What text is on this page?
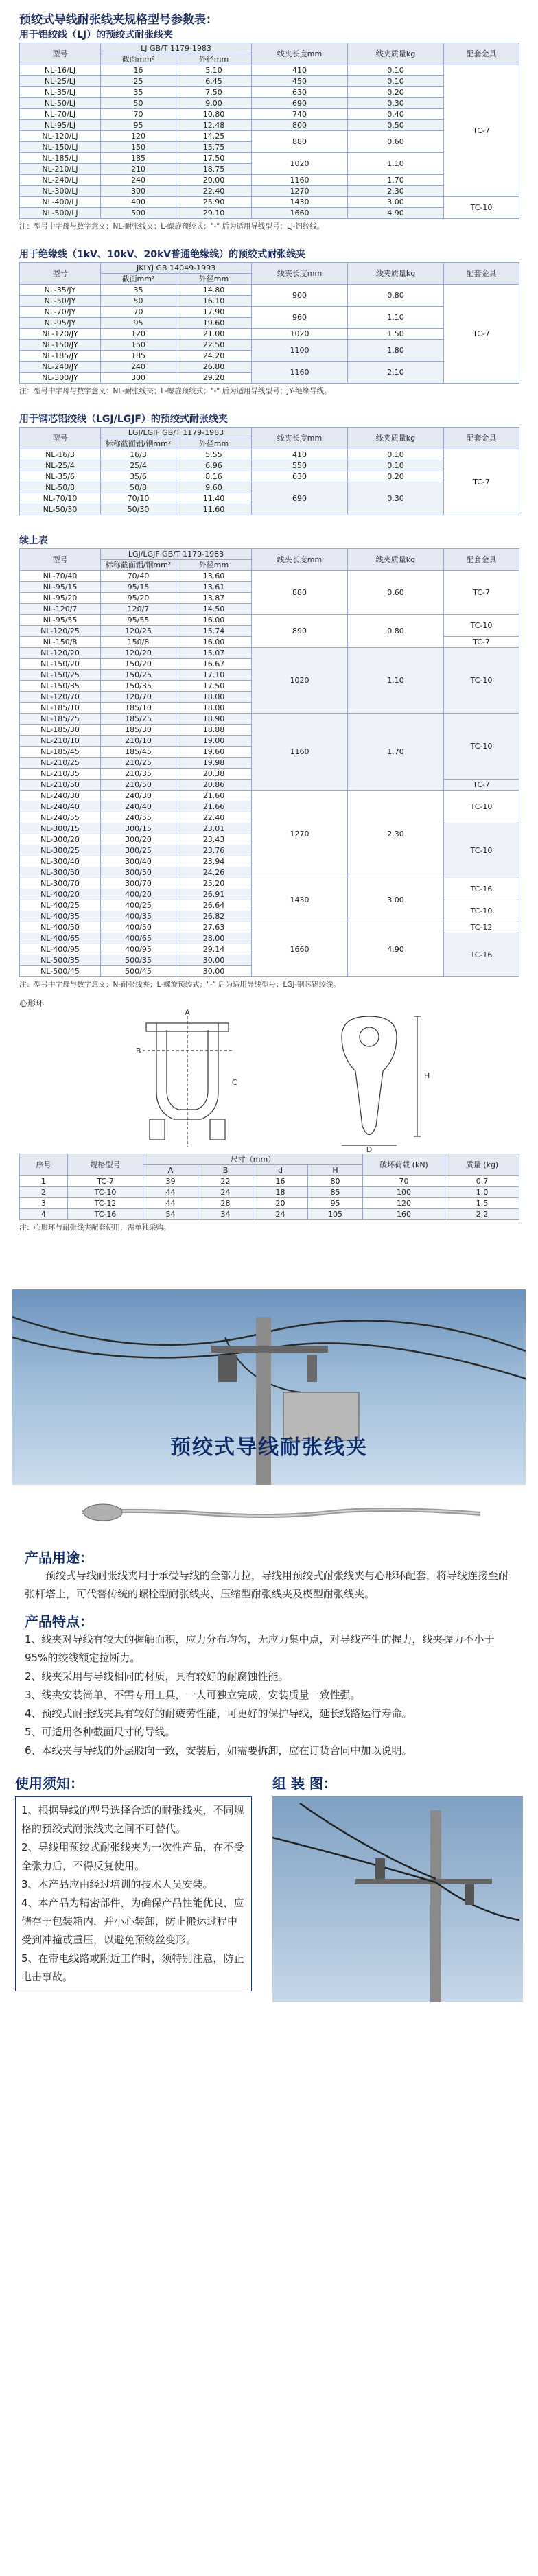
预绞式导线耐张线夹规格型号参数表：
用于铝绞线（LJ）的预绞式耐张线夹
型号	LJ GB/T 1179-1983		线夹长度mm	线夹质量kg	配套金具
	截面mm²	外径mm			
NL-16/LJ	16	5.10	410	0.10	TC-7
NL-25/LJ	25	6.45	450	0.10	
NL-35/LJ	35	7.50	630	0.20	
NL-50/LJ	50	9.00	690	0.30	
NL-70/LJ	70	10.80	740	0.40	
NL-95/LJ	95	12.48	800	0.50	
NL-120/LJ	120	14.25	880	0.60	
NL-150/LJ	150	15.75			
NL-185/LJ	185	17.50	1020	1.10	
NL-210/LJ	210	18.75			
NL-240/LJ	240	20.00	1160	1.70	
NL-300/LJ	300	22.40	1270	2.30	
NL-400/LJ	400	25.90	1430	3.00	TC-10
NL-500/LJ	500	29.10	1660	4.90	
注：型号中字母与数字意义：NL-耐张线夹；L-螺旋预绞式；"-" 后为适用导线型号；LJ-铝绞线。
用于绝缘线（1kV、10kV、20kV普通绝缘线）的预绞式耐张线夹
型号	JKLYJ GB 14049-1993		线夹长度mm	线夹质量kg	配套金具
	截面mm²	外径mm			
NL-35/JY	35	14.80	900	0.80	TC-7
NL-50/JY	50	16.10			
NL-70/JY	70	17.90	960	1.10	
NL-95/JY	95	19.60			
NL-120/JY	120	21.00	1020	1.50	
NL-150/JY	150	22.50	1100	1.80	
NL-185/JY	185	24.20			
NL-240/JY	240	26.80	1160	2.10	
NL-300/JY	300	29.20			
注：型号中字母与数字意义：NL-耐张线夹；L-螺旋预绞式；"-" 后为适用导线型号；JY-绝缘导线。
用于钢芯铝绞线（LGJ/LGJF）的预绞式耐张线夹
型号	LGJ/LGJF GB/T 1179-1983		线夹长度mm	线夹质量kg	配套金具
	标称截面铝/钢mm²	外径mm			
NL-16/3	16/3	5.55	410	0.10	TC-7
NL-25/4	25/4	6.96	550	0.10	
NL-35/6	35/6	8.16	630	0.20	
NL-50/8	50/8	9.60	690	0.30	
NL-70/10	70/10	11.40			
NL-50/30	50/30	11.60			
续上表
型号	LGJ/LGJF GB/T 1179-1983		线夹长度mm	线夹质量kg	配套金具
	标称截面铝/钢mm²	外径mm			
NL-70/40	70/40	13.60	880	0.60	TC-7
NL-95/15	95/15	13.61			
NL-95/20	95/20	13.87			
NL-120/7	120/7	14.50			
NL-95/55	95/55	16.00	890	0.80	TC-10
NL-120/25	120/25	15.74			
NL-150/8	150/8	16.00			TC-7
NL-120/20	120/20	15.07	1020	1.10	TC-10
NL-150/20	150/20	16.67			
NL-150/25	150/25	17.10			
NL-150/35	150/35	17.50			
NL-120/70	120/70	18.00			
NL-185/10	185/10	18.00			
NL-185/25	185/25	18.90	1160	1.70	TC-10
NL-185/30	185/30	18.88			
NL-210/10	210/10	19.00			
NL-185/45	185/45	19.60			
NL-210/25	210/25	19.98			
NL-210/35	210/35	20.38			
NL-210/50	210/50	20.86			TC-7
NL-240/30	240/30	21.60	1270	2.30	TC-10
NL-240/40	240/40	21.66			
NL-240/55	240/55	22.40			
NL-300/15	300/15	23.01			TC-10
NL-300/20	300/20	23.43			
NL-300/25	300/25	23.76			
NL-300/40	300/40	23.94			
NL-300/50	300/50	24.26			
NL-300/70	300/70	25.20	1430	3.00	TC-16
NL-400/20	400/20	26.91			
NL-400/25	400/25	26.64			TC-10
NL-400/35	400/35	26.82			
NL-400/50	400/50	27.63	1660	4.90	TC-12
NL-400/65	400/65	28.00			TC-16
NL-400/95	400/95	29.14			
NL-500/35	500/35	30.00			
NL-500/45	500/45	30.00			
注：型号中字母与数字意义：N-耐张线夹；L-螺旋预绞式；"-" 后为适用导线型号；LGJ-钢芯铝绞线。
心形环
A
B
C
D
H
序号	规格型号	尺寸（mm）				破坏荷载 (kN)	质量 (kg)
		A	B	d	H		
1	TC-7	39	22	16	80	70	0.7
2	TC-10	44	24	18	85	100	1.0
3	TC-12	44	28	20	95	120	1.5
4	TC-16	54	34	24	105	160	2.2
注：心形环与耐张线夹配套使用，需单独采购。
预绞式导线耐张线夹
产品用途：

预绞式导线耐张线夹用于承受导线的全部力拉，导线用预绞式耐张线夹与心形环配套，将导线连接至耐张杆塔上，可代替传统的螺栓型耐张线夹、压缩型耐张线夹及楔型耐张线夹。

产品特点：
1、线夹对导线有较大的握触面积，应力分布均匀，无应力集中点，对导线产生的握力，线夹握力不小于95%的绞线额定拉断力。
2、线夹采用与导线相同的材质，具有较好的耐腐蚀性能。
3、线夹安装简单，不需专用工具，一人可独立完成，安装质量一致性强。
4、预绞式耐张线夹具有较好的耐疲劳性能，可更好的保护导线，延长线路运行寿命。
5、可适用各种截面尺寸的导线。
6、本线夹与导线的外层股向一致，安装后，如需要拆卸，应在订货合同中加以说明。
使用须知：
1、根据导线的型号选择合适的耐张线夹，不同规格的预绞式耐张线夹之间不可替代。
2、导线用预绞式耐张线夹为一次性产品，在不受全张力后，不得反复使用。
3、本产品应由经过培训的技术人员安装。
4、本产品为精密部件，为确保产品性能优良，应储存于包装箱内，并小心装卸，防止搬运过程中受到冲撞或重压，以避免预绞丝变形。
5、在带电线路或附近工作时，须特别注意，防止电击事故。
组 装 图：
